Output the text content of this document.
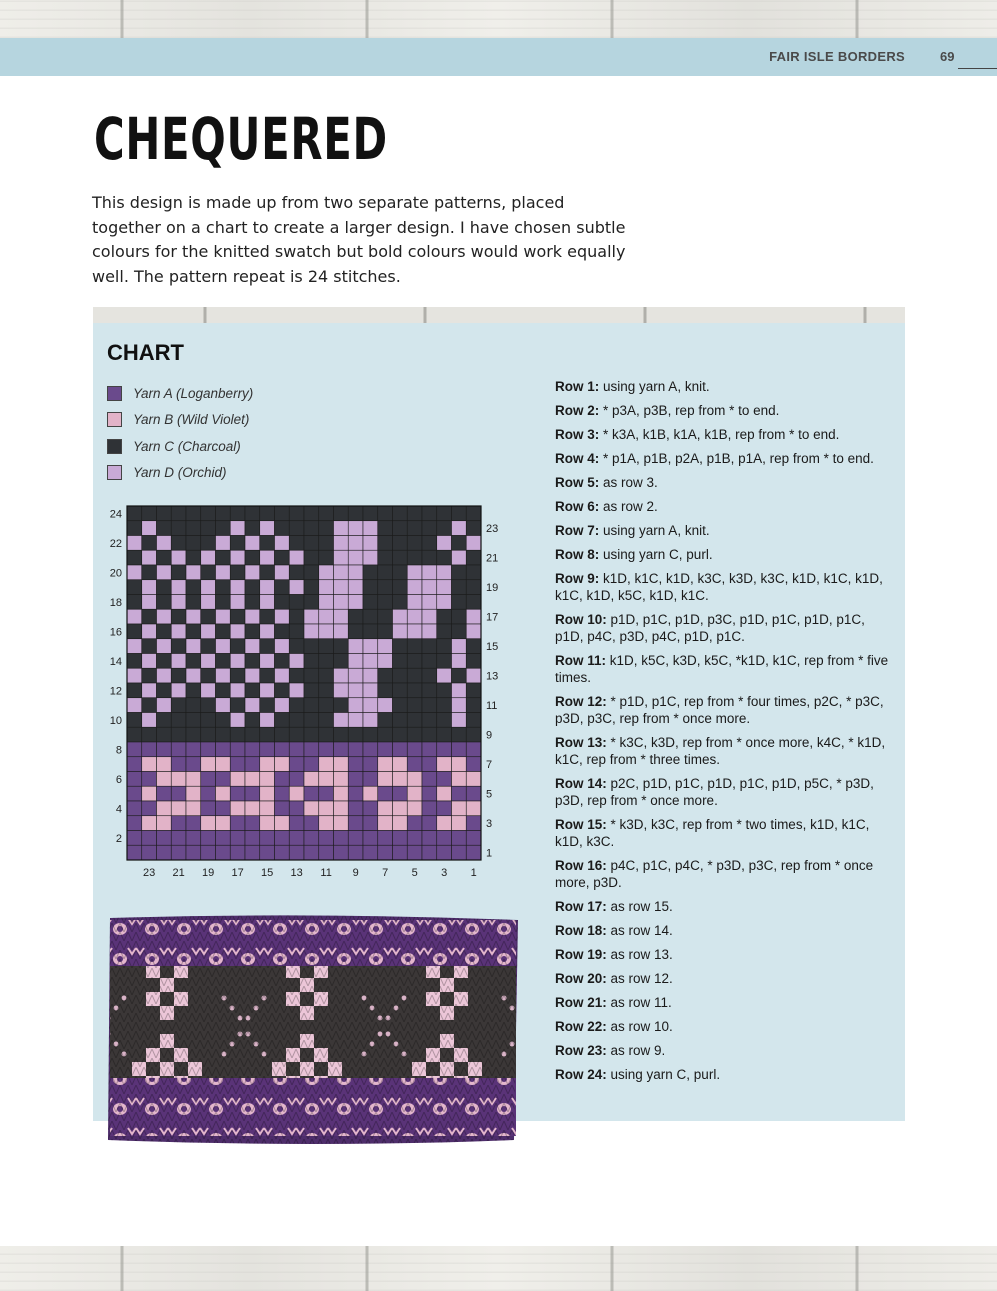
FAIR ISLE BORDERS	69
CHEQUERED

This design is made up from two separate patterns, placed together on a chart to create a larger design. I have chosen subtle colours for the knitted swatch but bold colours would work equally well. The pattern repeat is 24 stitches.

CHART
Yarn A (Loganberry)
Yarn B (Wild Violet)
Yarn C (Charcoal)
Yarn D (Orchid)
2
4
6
8
10
12
14
16
18
20
22
24
1
3
5
7
9
11
13
15
17
19
21
23
23 21 19 17 15 13 11 9 7 5 3 1
Row 1: using yarn A, knit.
Row 2: * p3A, p3B, rep from * to end.
Row 3: * k3A, k1B, k1A, k1B, rep from * to end.
Row 4: * p1A, p1B, p2A, p1B, p1A, rep from * to end.
Row 5: as row 3.
Row 6: as row 2.
Row 7: using yarn A, knit.
Row 8: using yarn C, purl.
Row 9: k1D, k1C, k1D, k3C, k3D, k3C, k1D, k1C, k1D, k1C, k1D, k5C, k1D, k1C.
Row 10: p1D, p1C, p1D, p3C, p1D, p1C, p1D, p1C, p1D, p4C, p3D, p4C, p1D, p1C.
Row 11: k1D, k5C, k3D, k5C, *k1D, k1C, rep from * five times.
Row 12: * p1D, p1C, rep from * four times, p2C, * p3C, p3D, p3C, rep from * once more.
Row 13: * k3C, k3D, rep from * once more, k4C, * k1D, k1C, rep from * three times.
Row 14: p2C, p1D, p1C, p1D, p1C, p1D, p5C, * p3D, p3D, rep from * once more.
Row 15: * k3D, k3C, rep from * two times, k1D, k1C, k1D, k3C.
Row 16: p4C, p1C, p4C, * p3D, p3C, rep from * once more, p3D.
Row 17: as row 15.
Row 18: as row 14.
Row 19: as row 13.
Row 20: as row 12.
Row 21: as row 11.
Row 22: as row 10.
Row 23: as row 9.
Row 24: using yarn C, purl.
